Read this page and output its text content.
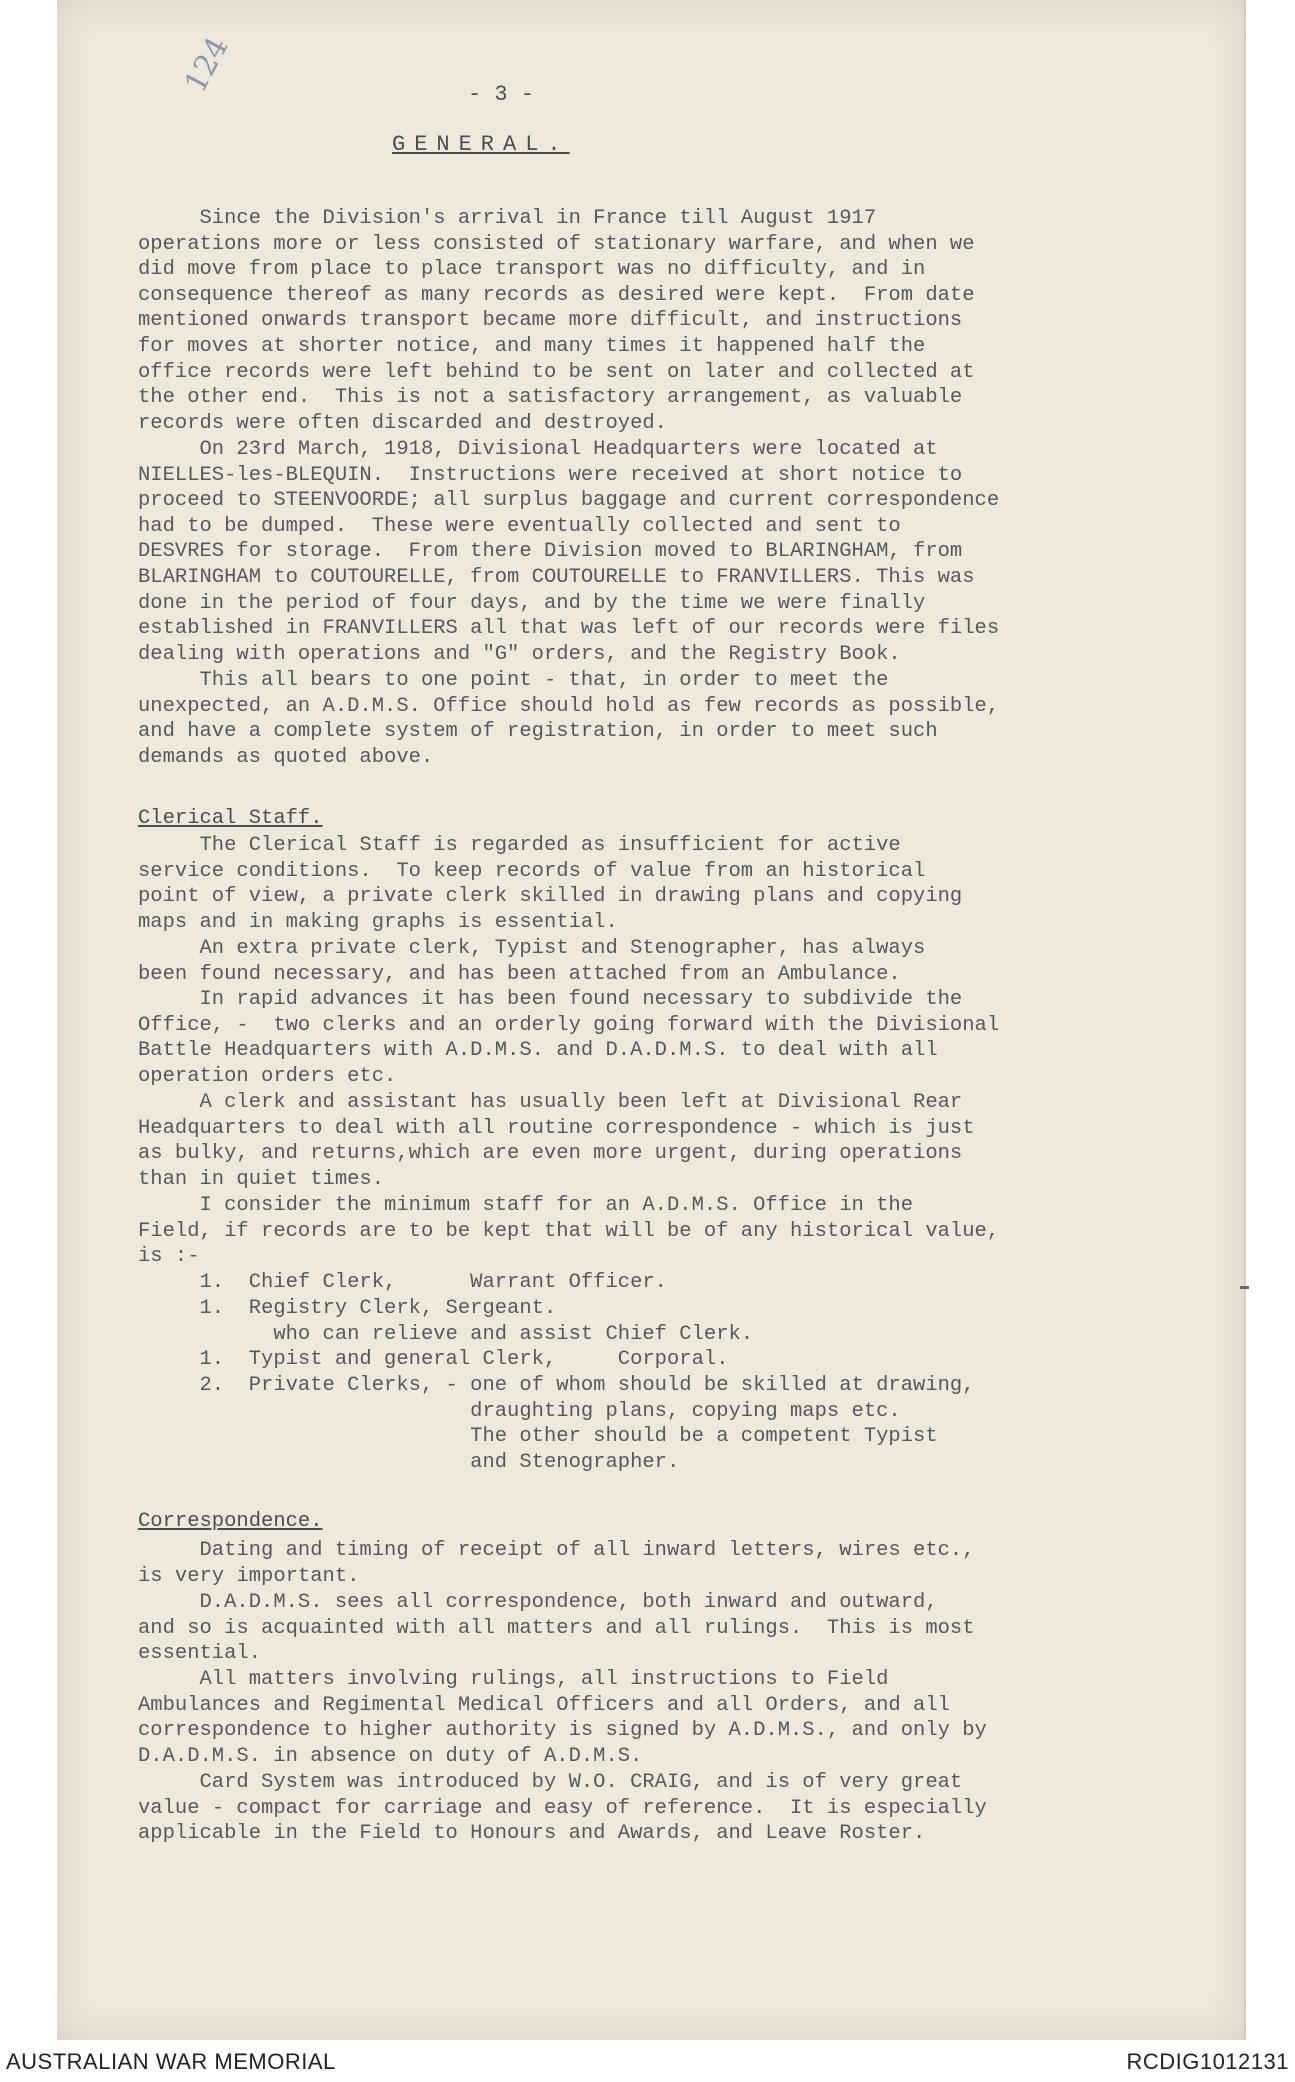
124	- 3 -
GENERAL.
Since the Division's arrival in France till August 1917
operations more or less consisted of stationary warfare, and when we
did move from place to place transport was no difficulty, and in
consequence thereof as many records as desired were kept.  From date
mentioned onwards transport became more difficult, and instructions
for moves at shorter notice, and many times it happened half the
office records were left behind to be sent on later and collected at
the other end.  This is not a satisfactory arrangement, as valuable
records were often discarded and destroyed.
On 23rd March, 1918, Divisional Headquarters were located at
NIELLES-les-BLEQUIN.  Instructions were received at short notice to
proceed to STEENVOORDE; all surplus baggage and current correspondence
had to be dumped.  These were eventually collected and sent to
DESVRES for storage.  From there Division moved to BLARINGHAM, from
BLARINGHAM to COUTOURELLE, from COUTOURELLE to FRANVILLERS. This was
done in the period of four days, and by the time we were finally
established in FRANVILLERS all that was left of our records were files
dealing with operations and "G" orders, and the Registry Book.
This all bears to one point - that, in order to meet the
unexpected, an A.D.M.S. Office should hold as few records as possible,
and have a complete system of registration, in order to meet such
demands as quoted above.
Clerical Staff.
The Clerical Staff is regarded as insufficient for active
service conditions.  To keep records of value from an historical
point of view, a private clerk skilled in drawing plans and copying
maps and in making graphs is essential.
An extra private clerk, Typist and Stenographer, has always
been found necessary, and has been attached from an Ambulance.
In rapid advances it has been found necessary to subdivide the
Office, -  two clerks and an orderly going forward with the Divisional
Battle Headquarters with A.D.M.S. and D.A.D.M.S. to deal with all
operation orders etc.
A clerk and assistant has usually been left at Divisional Rear
Headquarters to deal with all routine correspondence - which is just
as bulky, and returns,which are even more urgent, during operations
than in quiet times.
I consider the minimum staff for an A.D.M.S. Office in the
Field, if records are to be kept that will be of any historical value,
is :-
1.  Chief Clerk,      Warrant Officer.
1.  Registry Clerk, Sergeant.
who can relieve and assist Chief Clerk.
1.  Typist and general Clerk,     Corporal.
2.  Private Clerks, - one of whom should be skilled at drawing,
draughting plans, copying maps etc.
The other should be a competent Typist
and Stenographer.
Correspondence.
Dating and timing of receipt of all inward letters, wires etc.,
is very important.
D.A.D.M.S. sees all correspondence, both inward and outward,
and so is acquainted with all matters and all rulings.  This is most
essential.
All matters involving rulings, all instructions to Field
Ambulances and Regimental Medical Officers and all Orders, and all
correspondence to higher authority is signed by A.D.M.S., and only by
D.A.D.M.S. in absence on duty of A.D.M.S.
Card System was introduced by W.O. CRAIG, and is of very great
value - compact for carriage and easy of reference.  It is especially
applicable in the Field to Honours and Awards, and Leave Roster.
AUSTRALIAN WAR MEMORIAL	RCDIG1012131
